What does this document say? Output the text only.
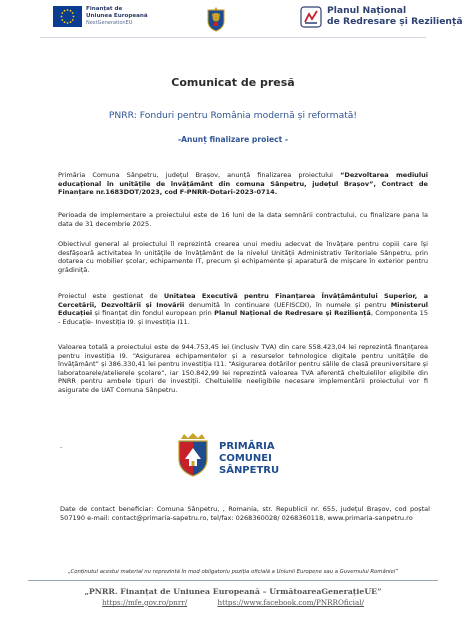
Finanțat de
Uniunea Europeană
NextGenerationEU
Planul Național
de Redresare și Reziliență
Comunicat de presă
PNRR: Fonduri pentru România modernă și reformată!
-Anunț finalizare proiect -

Primăria Comuna Sânpetru, județul Brașov, anunță finalizarea proiectului “Dezvoltarea mediului educațional în unitățile de învățământ din comuna Sânpetru, județul Brașov”, Contract de Finanțare nr.1683DOT/2023, cod F-PNRR-Dotari-2023-0714.

Perioada de implementare a proiectului este de 16 luni de la data semnării contractului, cu finalizare pana la data de 31 decembrie 2025.

Obiectivul general al proiectului îl reprezintă crearea unui mediu adecvat de învățare pentru copiii care își desfășoară activitatea în unitățile de învățământ de la nivelul Unității Administrativ Teritoriale Sânpetru, prin dotarea cu mobilier școlar, echipamente IT, precum și echipamente și aparatură de mișcare în exterior pentru grădiniță.

Proiectul este gestionat de Unitatea Executivă pentru Finanțarea Învățământului Superior, a Cercetării, Dezvoltării și Inovării denumită în continuare (UEFISCDI), în numele și pentru Ministerul Educației și finanțat din fondul european prin Planul Național de Redresare și Reziliență, Componenta 15 - Educație- Investiția I9. și Investiția I11.

Valoarea totală a proiectului este de 944.753,45 lei (inclusiv TVA) din care 558.423,04 lei reprezintă finanțarea pentru investiția I9. “Asigurarea echipamentelor și a resurselor tehnologice digitale pentru unitățile de învățământ” și 386.330,41 lei pentru investiția I11. “Asigurarea dotărilor pentru sălile de clasă preuniversitare și laboratoarele/atelierele școlare”, iar 150.842,99 lei reprezintă valoarea TVA aferentă cheltuielilor eligibile din PNRR pentru ambele tipuri de investiții. Cheltuielile neeligibile necesare implementării proiectului vor fi asigurate de UAT Comuna Sânpetru.

.	PRIMĂRIA
COMUNEI
SÂNPETRU

Date de contact beneficiar: Comuna Sânpetru, , Romania, str. Republicii nr. 655, județul Brașov, cod poștal 507190 e-mail: contact@primaria-sapetru.ro, tel/fax: 0268360028/ 0268360118, www.primaria-sanpetru.ro

„Conținutul acestui material nu reprezintă în mod obligatoriu poziția oficială a Uniunii Europene sau a Guvernului României”
„PNRR. Finanțat de Uniunea Europeană – UrmătoareaGenerațieUE”
https://mfe.gov.ro/pnrr/	https://www.facebook.com/PNRROficial/
